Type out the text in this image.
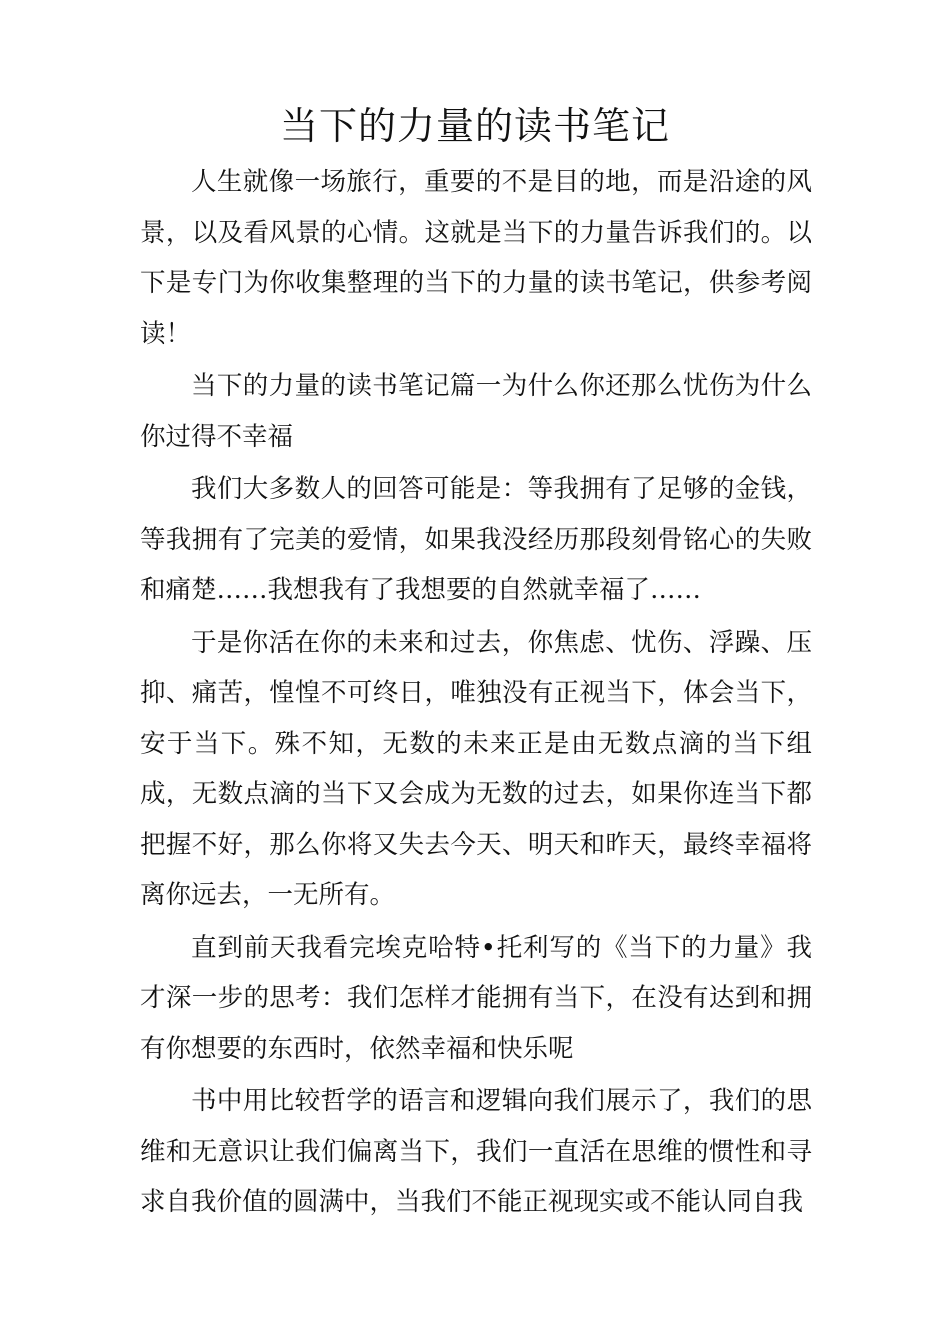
当下的力量的读书笔记

人生就像一场旅行，重要的不是目的地，而是沿途的风景，以及看风景的心情。这就是当下的力量告诉我们的。以下是专门为你收集整理的当下的力量的读书笔记，供参考阅读！

当下的力量的读书笔记篇一为什么你还那么忧伤为什么你过得不幸福

我们大多数人的回答可能是：等我拥有了足够的金钱，等我拥有了完美的爱情，如果我没经历那段刻骨铭心的失败和痛楚……我想我有了我想要的自然就幸福了……

于是你活在你的未来和过去，你焦虑、忧伤、浮躁、压抑、痛苦，惶惶不可终日，唯独没有正视当下，体会当下，安于当下。殊不知，无数的未来正是由无数点滴的当下组成，无数点滴的当下又会成为无数的过去，如果你连当下都把握不好，那么你将又失去今天、明天和昨天，最终幸福将离你远去，一无所有。

直到前天我看完埃克哈特•托利写的《当下的力量》我才深一步的思考：我们怎样才能拥有当下，在没有达到和拥有你想要的东西时，依然幸福和快乐呢

书中用比较哲学的语言和逻辑向我们展示了，我们的思维和无意识让我们偏离当下，我们一直活在思维的惯性和寻求自我价值的圆满中，当我们不能正视现实或不能认同自我
